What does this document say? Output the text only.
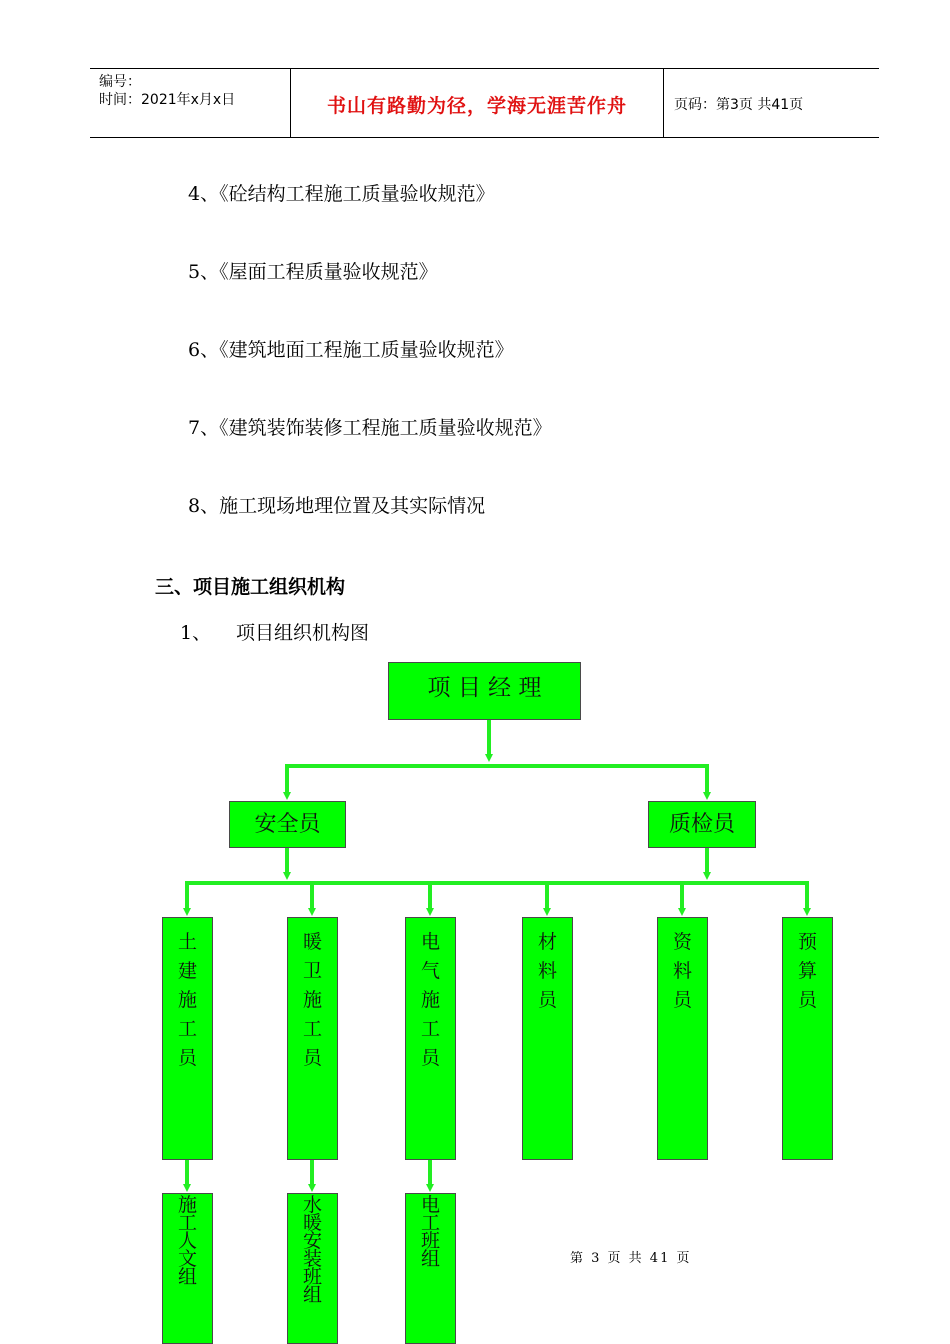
编号：
时间：2021年x月x日	书山有路勤为径，学海无涯苦作舟	页码：第3页 共41页
4、《砼结构工程施工质量验收规范》
5、《屋面工程质量验收规范》
6、《建筑地面工程施工质量验收规范》
7、《建筑装饰装修工程施工质量验收规范》
8、施工现场地理位置及其实际情况
三、项目施工组织机构
1、 项目组织机构图
项 目 经 理
安全员	质检员
土建施工员
暖卫施工员
电气施工员
材料员
资料员
预算员
施工人文组
水暖安装班组
电工班组	第 3 页 共 41 页
